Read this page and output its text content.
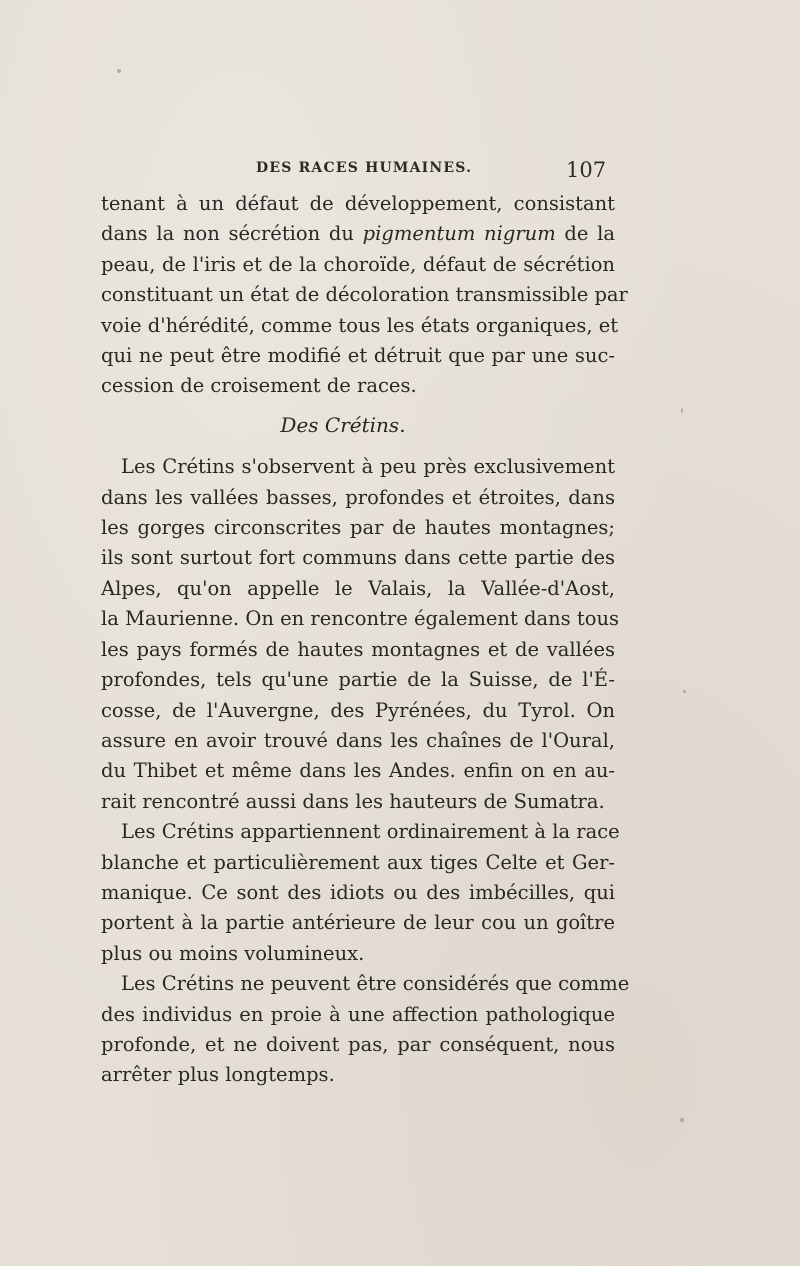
DES RACES HUMAINES.	107
tenant à un défaut de développement, consistant
dans la non sécrétion du pigmentum nigrum de la
peau, de l'iris et de la choroïde, défaut de sécrétion
constituant un état de décoloration transmissible par
voie d'hérédité, comme tous les états organiques, et
qui ne peut être modifié et détruit que par une suc-
cession de croisement de races.
Des Crétins.
Les Crétins s'observent à peu près exclusivement
dans les vallées basses, profondes et étroites, dans
les gorges circonscrites par de hautes montagnes;
ils sont surtout fort communs dans cette partie des
Alpes, qu'on appelle le Valais, la Vallée-d'Aost,
la Maurienne. On en rencontre également dans tous
les pays formés de hautes montagnes et de vallées
profondes, tels qu'une partie de la Suisse, de l'É-
cosse, de l'Auvergne, des Pyrénées, du Tyrol. On
assure en avoir trouvé dans les chaînes de l'Oural,
du Thibet et même dans les Andes. enfin on en au-
rait rencontré aussi dans les hauteurs de Sumatra.
Les Crétins appartiennent ordinairement à la race
blanche et particulièrement aux tiges Celte et Ger-
manique. Ce sont des idiots ou des imbécilles, qui
portent à la partie antérieure de leur cou un goître
plus ou moins volumineux.
Les Crétins ne peuvent être considérés que comme
des individus en proie à une affection pathologique
profonde, et ne doivent pas, par conséquent, nous
arrêter plus longtemps.
